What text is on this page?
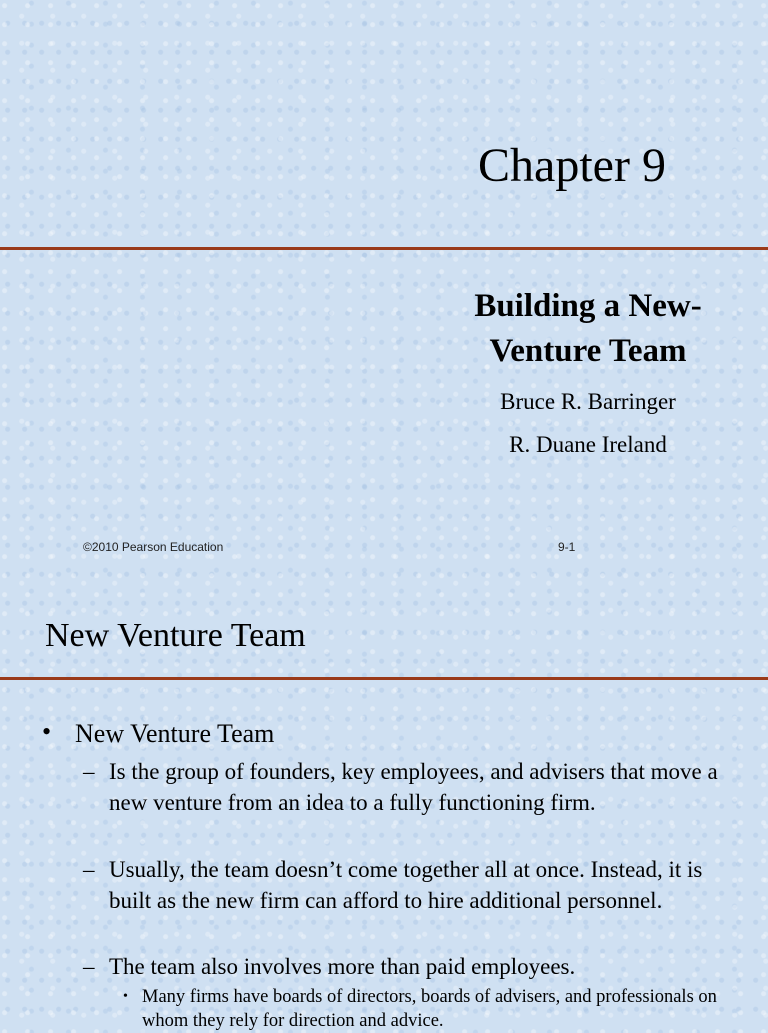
Chapter 9
Building a New-
Venture Team
Bruce R. Barringer
R. Duane Ireland
©2010 Pearson Education	9-1
New Venture Team
• New Venture Team
– Is the group of founders, key employees, and advisers that move a new venture from an idea to a fully functioning firm.
– Usually, the team doesn’t come together all at once. Instead, it is built as the new firm can afford to hire additional personnel.
– The team also involves more than paid employees.
• Many firms have boards of directors, boards of advisers, and professionals on whom they rely for direction and advice.
